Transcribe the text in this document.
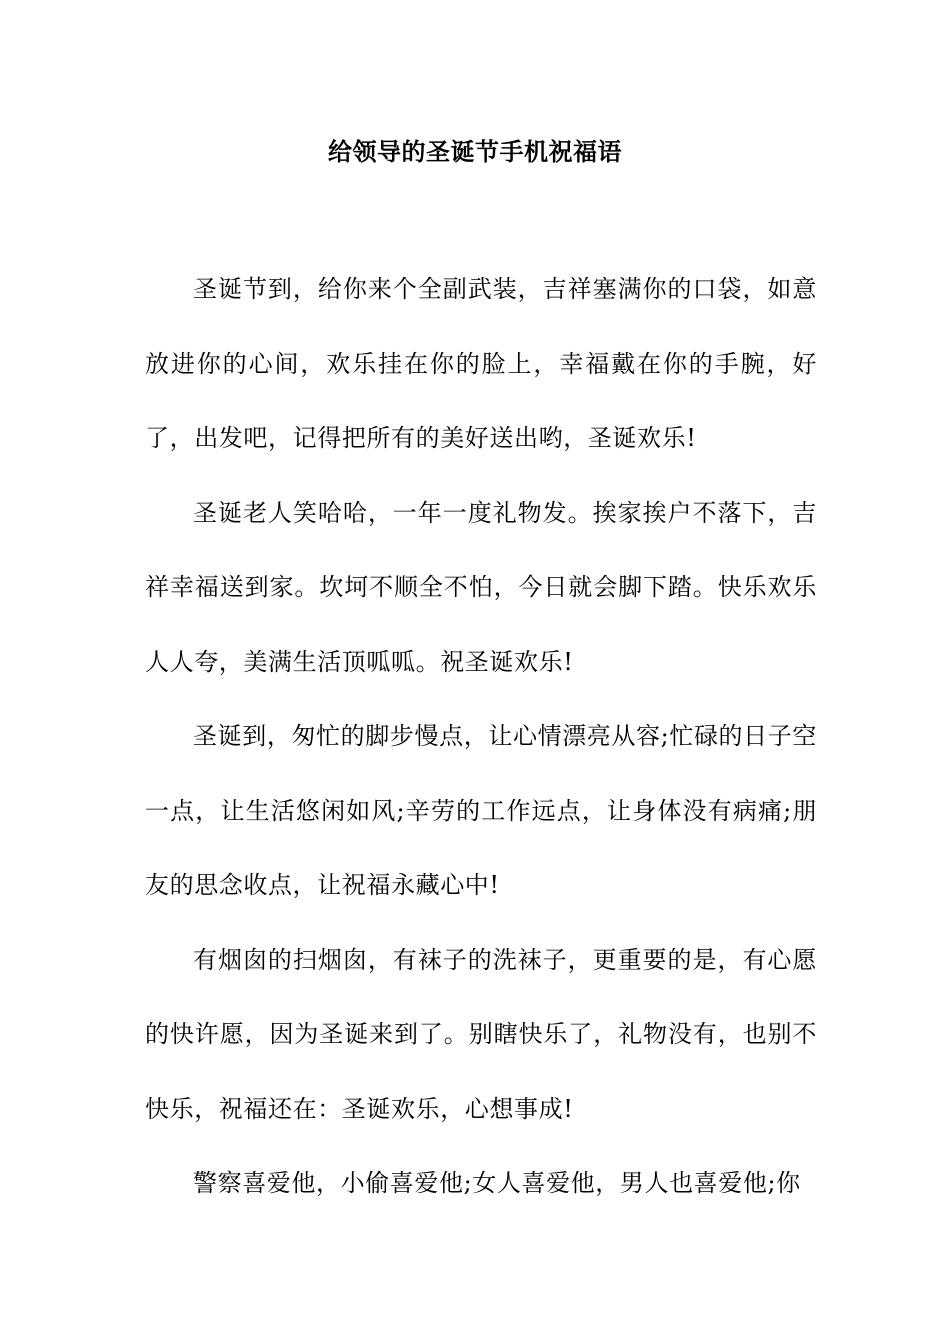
给领导的圣诞节手机祝福语

圣诞节到，给你来个全副武装，吉祥塞满你的口袋，如意放进你的心间，欢乐挂在你的脸上，幸福戴在你的手腕，好了，出发吧，记得把所有的美好送出哟，圣诞欢乐!

圣诞老人笑哈哈，一年一度礼物发。挨家挨户不落下，吉祥幸福送到家。坎坷不顺全不怕，今日就会脚下踏。快乐欢乐人人夸，美满生活顶呱呱。祝圣诞欢乐!

圣诞到，匆忙的脚步慢点，让心情漂亮从容;忙碌的日子空一点，让生活悠闲如风;辛劳的工作远点，让身体没有病痛;朋友的思念收点，让祝福永藏心中!

有烟囱的扫烟囱，有袜子的洗袜子，更重要的是，有心愿的快许愿，因为圣诞来到了。别瞎快乐了，礼物没有，也别不快乐，祝福还在：圣诞欢乐，心想事成!

警察喜爱他，小偷喜爱他;女人喜爱他，男人也喜爱他;你
